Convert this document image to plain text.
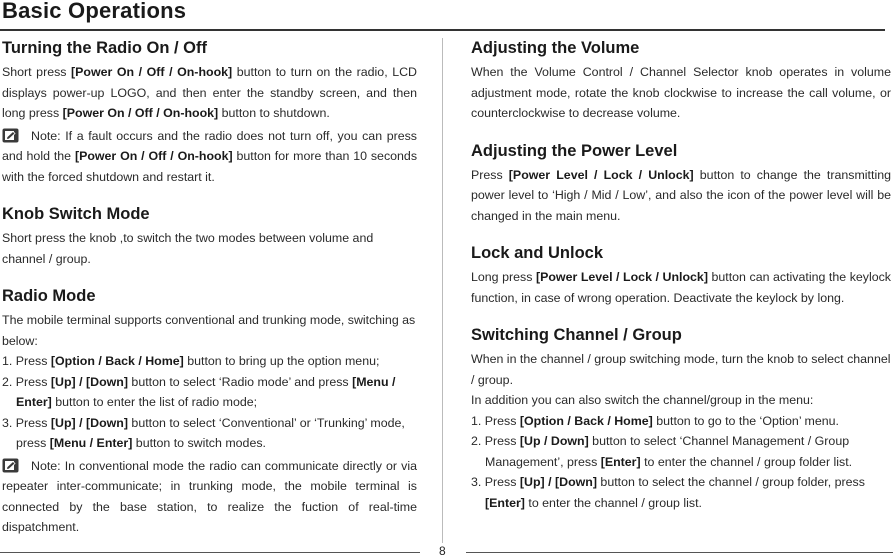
Basic Operations
Turning the Radio On / Off

Short press [Power On / Off / On-hook] button to turn on the radio, LCD displays power-up LOGO, and then enter the standby screen, and then long press [Power On / Off / On-hook] button to shutdown.

Note: If a fault occurs and the radio does not turn off, you can press and hold the [Power On / Off / On-hook] button for more than 10 seconds with the forced shutdown and restart it.

Knob Switch Mode

Short press the knob ,to switch the two modes between volume and channel / group.

Radio Mode

The mobile terminal supports conventional and trunking mode, switching as below:

1. Press [Option / Back / Home] button to bring up the option menu;
2. Press [Up] / [Down] button to select ‘Radio mode’ and press [Menu / Enter] button to enter the list of radio mode;
3. Press [Up] / [Down] button to select ‘Conventional’ or ‘Trunking’ mode, press [Menu / Enter] button to switch modes.

Note: In conventional mode the radio can communicate directly or via repeater inter-communicate; in trunking mode, the mobile terminal is connected by the base station, to realize the fuction of real-time dispatchment.

Adjusting the Volume

When the Volume Control / Channel Selector knob operates in volume adjustment mode, rotate the knob clockwise to increase the call volume, or counterclockwise to decrease volume.

Adjusting the Power Level

Press [Power Level / Lock / Unlock] button to change the transmitting power level to ‘High / Mid / Low’, and also the icon of the power level will be changed in the main menu.

Lock and Unlock

Long press [Power Level / Lock / Unlock] button can activating the keylock function, in case of wrong operation. Deactivate the keylock by long.

Switching Channel / Group

When in the channel / group switching mode, turn the knob to select channel / group.

In addition you can also switch the channel/group in the menu:

1. Press [Option / Back / Home] button to go to the ‘Option’ menu.
2. Press [Up / Down] button to select ‘Channel Management / Group Management’, press [Enter] to enter the channel / group folder list.
3. Press [Up] / [Down] button to select the channel / group folder, press [Enter] to enter the channel / group list.
8
